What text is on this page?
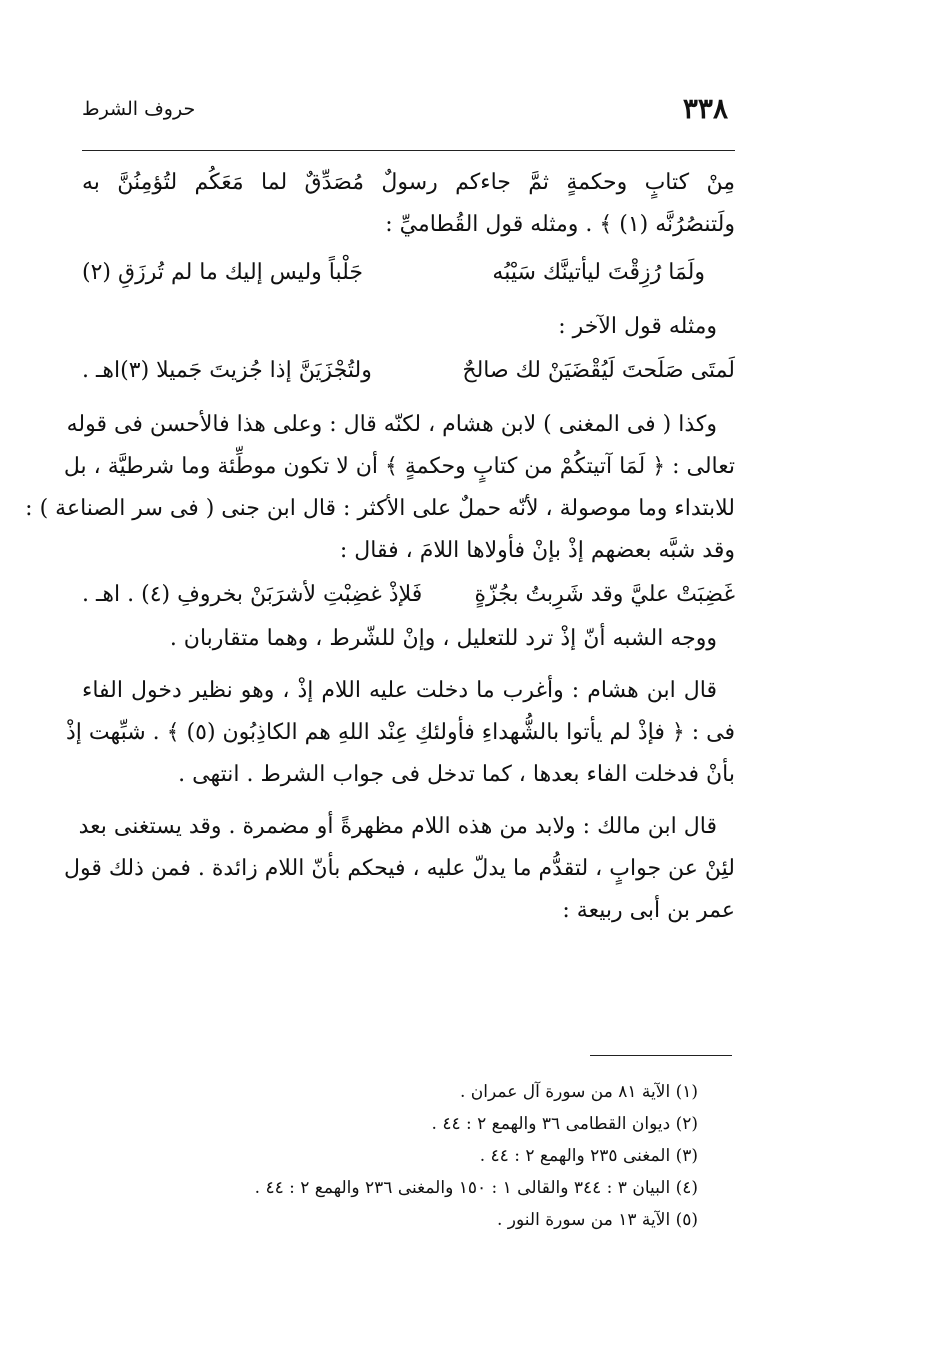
٣٣٨
حروف الشرط
مِنْ كتابٍ وحكمةٍ ثمَّ جاءكم رسولٌ مُصَدِّقٌ لما مَعَكُم لتُؤمِنُنَّ به
ولَتنصُرُنَّه (١) ﴾ . ومثله قول القُطاميِّ :
ولَمَا رُزِقْتَ ليأتينَّك سَيْبُه
جَلْباً وليس إليك ما لم تُرزَقِ (٢)
ومثله قول الآخر :
لَمتَى صَلَحتَ لَيُقْضَيَنْ لك صالحٌ
ولتُجْزَيَنَّ إذا جُزيتَ جَميلا (٣)اهـ .
وكذا ( فى المغنى ) لابن هشام ، لكنّه قال : وعلى هذا فالأحسن فى قوله
تعالى : ﴿ لَمَا آتيتكُمْ من كتابٍ وحكمةٍ ﴾ أن لا تكون موطِّئة وما شرطيَّة ، بل
للابتداء وما موصولة ، لأنّه حملٌ على الأكثر : قال ابن جنى ( فى سر الصناعة ) :
وقد شبَّه بعضهم إذْ بإنْ فأولاها اللامَ ، فقال :
غَضِبَتْ عليَّ وقد شَرِبتُ بجُزّةٍ
فَلإذْ غضِبْتِ لأشرَبَنْ بخروفِ (٤) . اهـ .
ووجه الشبه أنّ إذْ ترد للتعليل ، وإنْ للشّرط ، وهما متقاربان .
قال ابن هشام : وأغرب ما دخلت عليه اللام إذْ ، وهو نظير دخول الفاء
فى : ﴿ فإذْ لم يأتوا بالشُّهداءِ فأولئكِ عِنْد اللهِ هم الكاذِبُون (٥) ﴾ . شبِّهت إذْ
بأنْ فدخلت الفاء بعدها ، كما تدخل فى جواب الشرط . انتهى .
قال ابن مالك : ولابد من هذه اللام مظهرةً أو مضمرة . وقد يستغنى بعد
لئِنْ عن جوابٍ ، لتقدُّم ما يدلّ عليه ، فيحكم بأنّ اللام زائدة . فمن ذلك قول
عمر بن أبى ربيعة :
(١) الآية ٨١ من سورة آل عمران .
(٢) ديوان القطامى ٣٦ والهمع ٢ : ٤٤ .
(٣) المغنى ٢٣٥ والهمع ٢ : ٤٤ .
(٤) البيان ٣ : ٣٤٤ والقالى ١ : ١٥٠ والمغنى ٢٣٦ والهمع ٢ : ٤٤ .
(٥) الآية ١٣ من سورة النور .
